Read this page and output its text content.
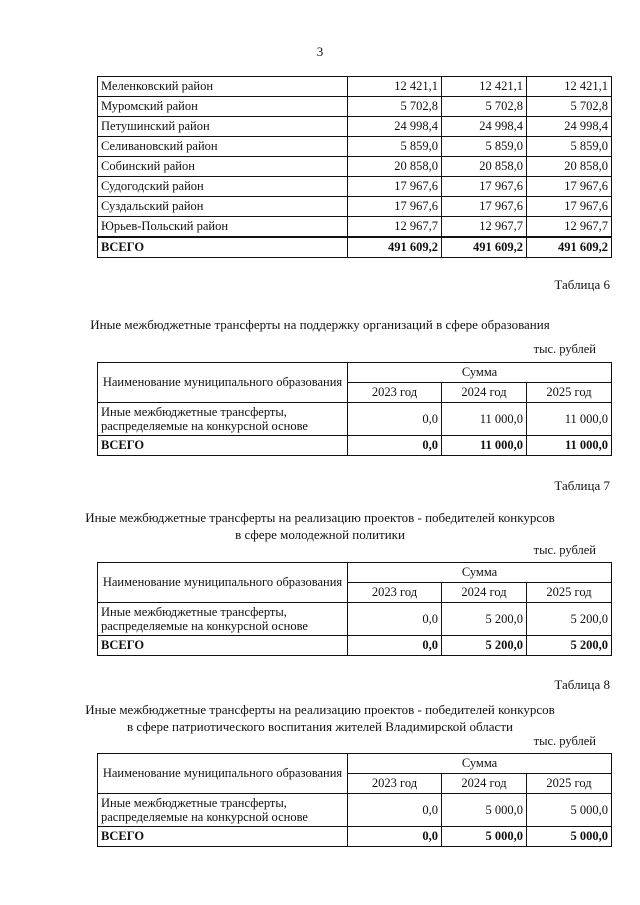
3
Меленковский район	12 421,1	12 421,1	12 421,1
Муромский район	5 702,8	5 702,8	5 702,8
Петушинский район	24 998,4	24 998,4	24 998,4
Селивановский район	5 859,0	5 859,0	5 859,0
Собинский район	20 858,0	20 858,0	20 858,0
Судогодский район	17 967,6	17 967,6	17 967,6
Суздальский район	17 967,6	17 967,6	17 967,6
Юрьев-Польский район	12 967,7	12 967,7	12 967,7
ВСЕГО	491 609,2	491 609,2	491 609,2
Таблица 6
Иные межбюджетные трансферты на поддержку организаций в сфере образования
тыс. рублей
Наименование муниципального образования	Сумма		
	2023 год	2024 год	2025 год

Иные межбюджетные трансферты,
распределяемые на конкурсной основе	0,0	11 000,0	11 000,0
ВСЕГО	0,0	11 000,0	11 000,0
Таблица 7
Иные межбюджетные трансферты на реализацию проектов - победителей конкурсов
в сфере молодежной политики
тыс. рублей
Наименование муниципального образования	Сумма		
	2023 год	2024 год	2025 год

Иные межбюджетные трансферты,
распределяемые на конкурсной основе	0,0	5 200,0	5 200,0
ВСЕГО	0,0	5 200,0	5 200,0
Таблица 8
Иные межбюджетные трансферты на реализацию проектов - победителей конкурсов
в сфере патриотического воспитания жителей Владимирской области
тыс. рублей
Наименование муниципального образования	Сумма		
	2023 год	2024 год	2025 год

Иные межбюджетные трансферты,
распределяемые на конкурсной основе	0,0	5 000,0	5 000,0
ВСЕГО	0,0	5 000,0	5 000,0
